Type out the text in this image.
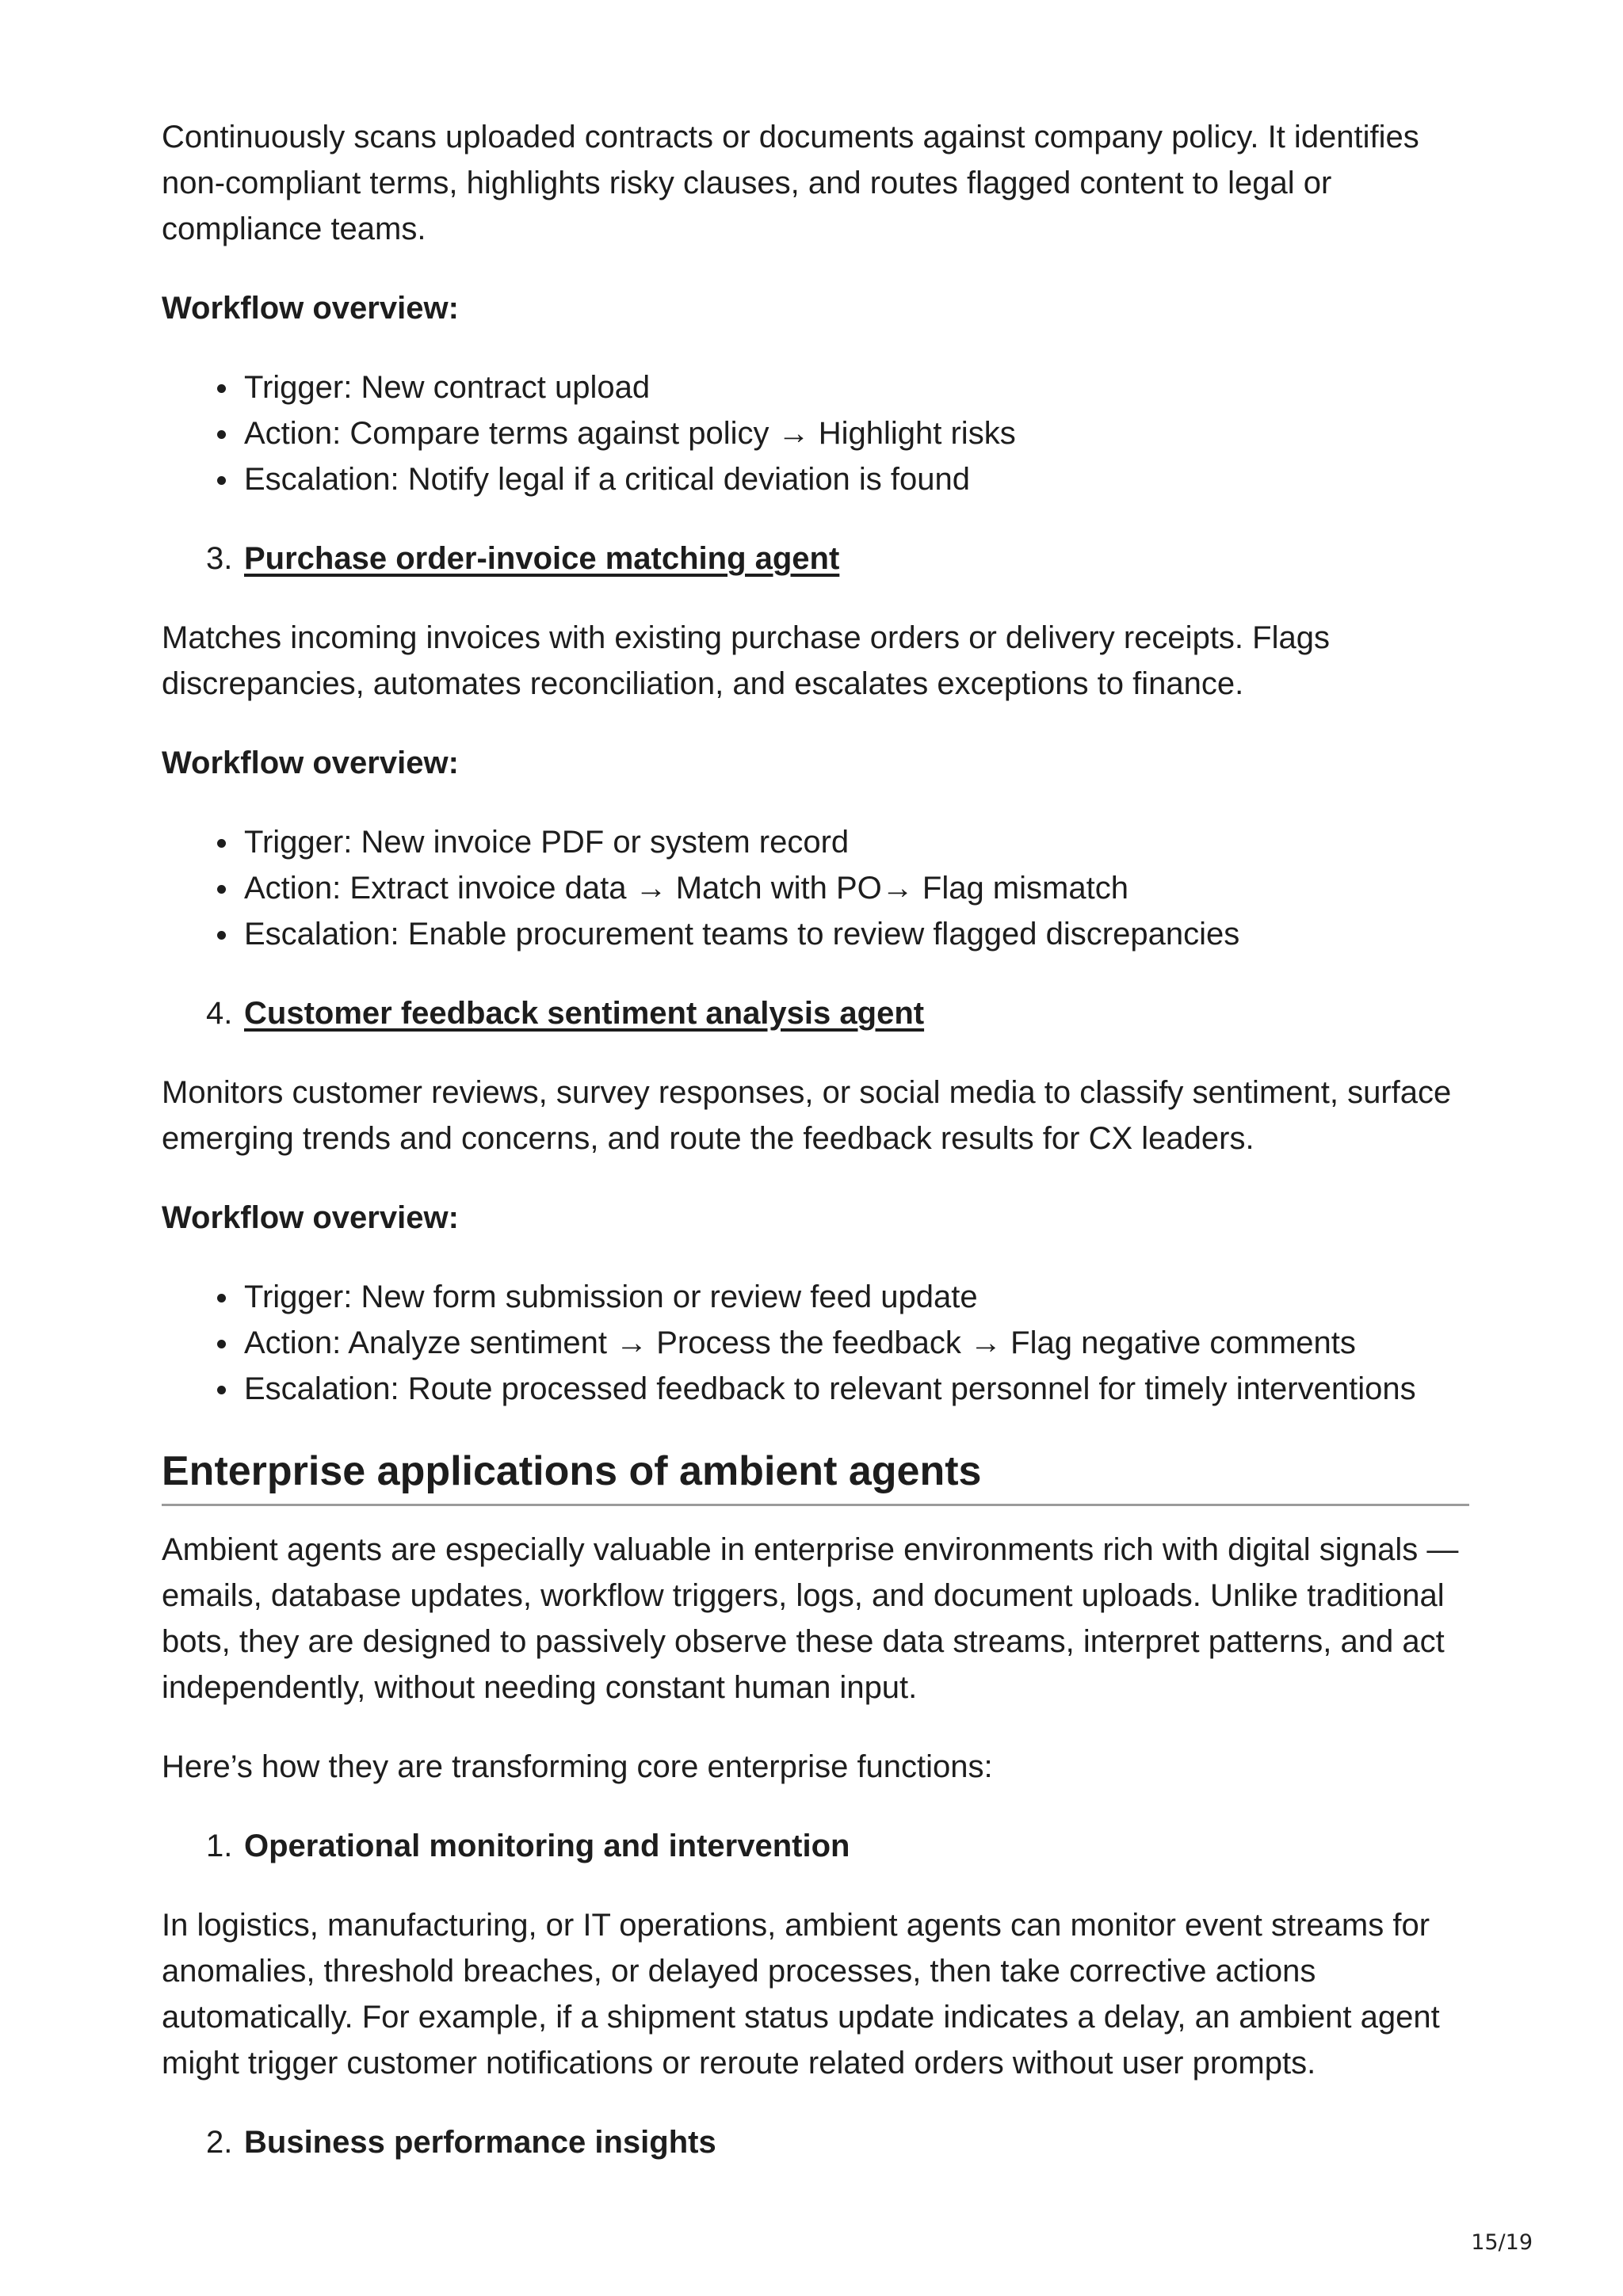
Continuously scans uploaded contracts or documents against company policy. It identifies non-compliant terms, highlights risky clauses, and routes flagged content to legal or compliance teams.

Workflow overview:

Trigger: New contract upload
Action: Compare terms against policy → Highlight risks
Escalation: Notify legal if a critical deviation is found
3. Purchase order-invoice matching agent

Matches incoming invoices with existing purchase orders or delivery receipts. Flags discrepancies, automates reconciliation, and escalates exceptions to finance.

Workflow overview:

Trigger: New invoice PDF or system record
Action: Extract invoice data → Match with PO→ Flag mismatch
Escalation: Enable procurement teams to review flagged discrepancies
4. Customer feedback sentiment analysis agent

Monitors customer reviews, survey responses, or social media to classify sentiment, surface emerging trends and concerns, and route the feedback results for CX leaders.

Workflow overview:

Trigger: New form submission or review feed update
Action: Analyze sentiment → Process the feedback → Flag negative comments
Escalation: Route processed feedback to relevant personnel for timely interventions
Enterprise applications of ambient agents

Ambient agents are especially valuable in enterprise environments rich with digital signals —emails, database updates, workflow triggers, logs, and document uploads. Unlike traditional bots, they are designed to passively observe these data streams, interpret patterns, and act independently, without needing constant human input.

Here’s how they are transforming core enterprise functions:

1. Operational monitoring and intervention

In logistics, manufacturing, or IT operations, ambient agents can monitor event streams for anomalies, threshold breaches, or delayed processes, then take corrective actions automatically. For example, if a shipment status update indicates a delay, an ambient agent might trigger customer notifications or reroute related orders without user prompts.

2. Business performance insights
15/19
